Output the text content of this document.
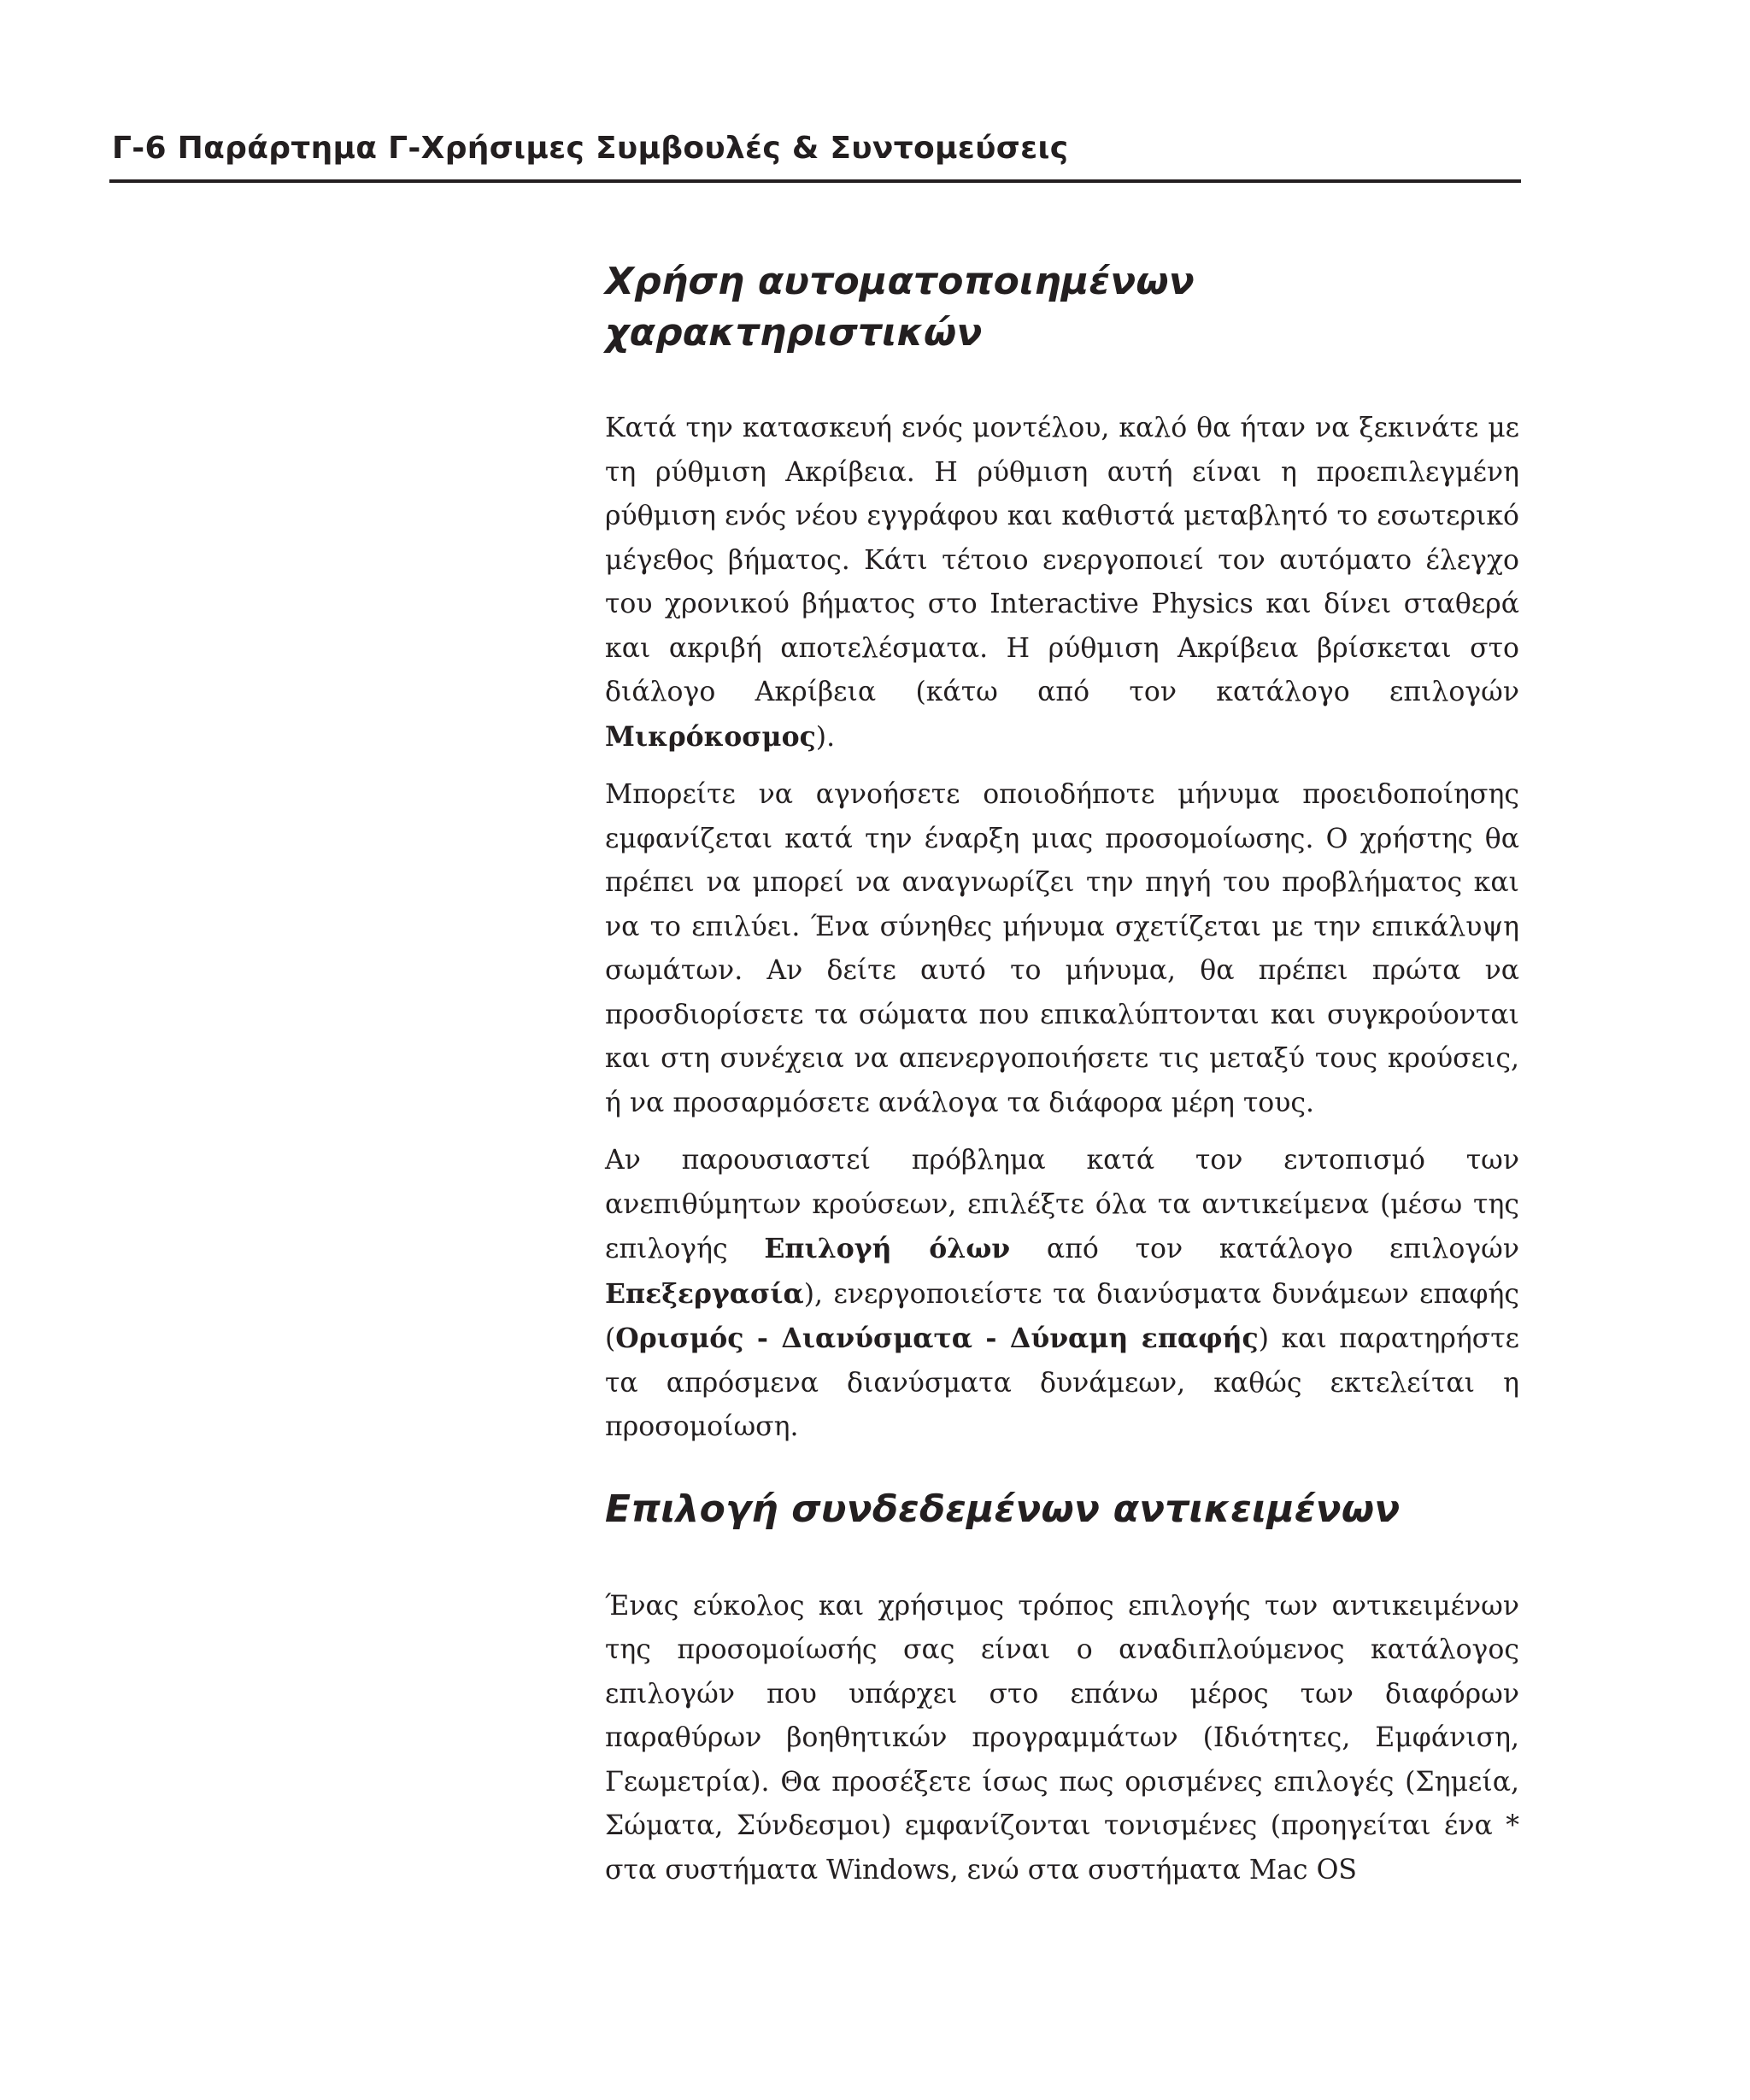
Γ-6 Παράρτημα Γ-Χρήσιμες Συμβουλές & Συντομεύσεις
Χρήση αυτοματοποιημένων χαρακτηριστικών

Κατά την κατασκευή ενός μοντέλου, καλό θα ήταν να ξεκινάτε με τη ρύθμιση Ακρίβεια. Η ρύθμιση αυτή είναι η προεπιλεγμένη ρύθμιση ενός νέου εγγράφου και καθιστά μεταβλητό το εσωτερικό μέγεθος βήματος. Κάτι τέτοιο ενεργοποιεί τον αυτόματο έλεγχο του χρονικού βήματος στο Interactive Physics και δίνει σταθερά και ακριβή αποτελέσματα. Η ρύθμιση Ακρίβεια βρίσκεται στο διάλογο Ακρίβεια (κάτω από τον κατάλογο επιλογών Μικρόκοσμος).

Μπορείτε να αγνοήσετε οποιοδήποτε μήνυμα προειδοποίησης εμφανίζεται κατά την έναρξη μιας προσομοίωσης. Ο χρήστης θα πρέπει να μπορεί να αναγνωρίζει την πηγή του προβλήματος και να το επιλύει. Ένα σύνηθες μήνυμα σχετίζεται με την επικάλυψη σωμάτων. Αν δείτε αυτό το μήνυμα, θα πρέπει πρώτα να προσδιορίσετε τα σώματα που επικαλύπτονται και συγκρούονται και στη συνέχεια να απενεργοποιήσετε τις μεταξύ τους κρούσεις, ή να προσαρμόσετε ανάλογα τα διάφορα μέρη τους.

Αν παρουσιαστεί πρόβλημα κατά τον εντοπισμό των ανεπιθύμητων κρούσεων, επιλέξτε όλα τα αντικείμενα (μέσω της επιλογής Επιλογή όλων από τον κατάλογο επιλογών Επεξεργασία), ενεργοποιείστε τα διανύσματα δυνάμεων επαφής (Ορισμός - Διανύσματα - Δύναμη επαφής) και παρατηρήστε τα απρόσμενα διανύσματα δυνάμεων, καθώς εκτελείται η προσομοίωση.

Επιλογή συνδεδεμένων αντικειμένων

Ένας εύκολος και χρήσιμος τρόπος επιλογής των αντικειμένων της προσομοίωσής σας είναι ο αναδιπλούμενος κατάλογος επιλογών που υπάρχει στο επάνω μέρος των διαφόρων παραθύρων βοηθητικών προγραμμάτων (Ιδιότητες, Εμφάνιση, Γεωμετρία). Θα προσέξετε ίσως πως ορισμένες επιλογές (Σημεία, Σώματα, Σύνδεσμοι) εμφανίζονται τονισμένες (προηγείται ένα * στα συστήματα Windows, ενώ στα συστήματα Mac OS
